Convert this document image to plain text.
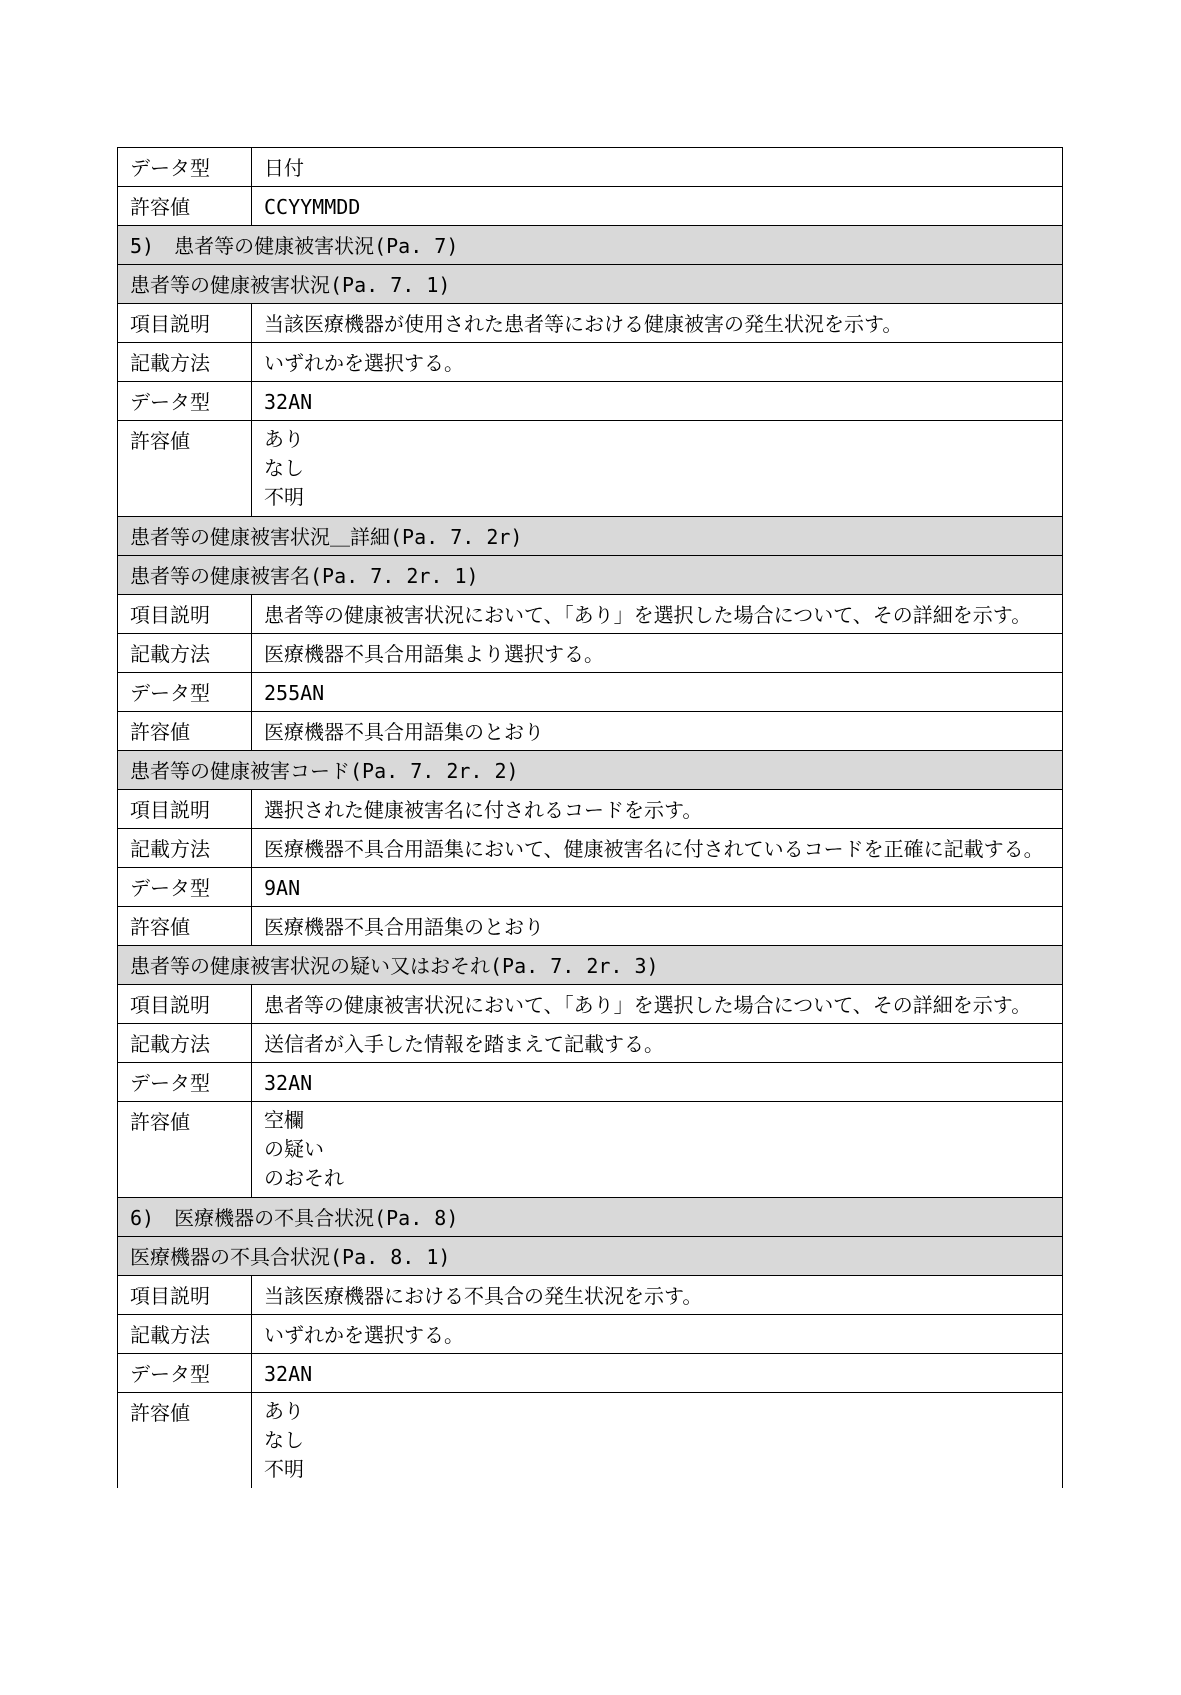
データ型	日付

許容値	CCYYMMDD

5)　患者等の健康被害状況(Pa. 7)	
患者等の健康被害状況(Pa. 7. 1)	
項目説明	当該医療機器が使用された患者等における健康被害の発生状況を示す。

記載方法	いずれかを選択する。

データ型	32AN

許容値	あり
なし
不明

患者等の健康被害状況＿詳細(Pa. 7. 2r)	
患者等の健康被害名(Pa. 7. 2r. 1)	
項目説明	患者等の健康被害状況において、「あり」を選択した場合について、その詳細を示す。

記載方法	医療機器不具合用語集より選択する。

データ型	255AN

許容値	医療機器不具合用語集のとおり

患者等の健康被害コード(Pa. 7. 2r. 2)	
項目説明	選択された健康被害名に付されるコードを示す。

記載方法	医療機器不具合用語集において、健康被害名に付されているコードを正確に記載する。

データ型	9AN

許容値	医療機器不具合用語集のとおり

患者等の健康被害状況の疑い又はおそれ(Pa. 7. 2r. 3)	
項目説明	患者等の健康被害状況において、「あり」を選択した場合について、その詳細を示す。

記載方法	送信者が入手した情報を踏まえて記載する。

データ型	32AN

許容値	空欄
の疑い
のおそれ

6)　医療機器の不具合状況(Pa. 8)	
医療機器の不具合状況(Pa. 8. 1)	
項目説明	当該医療機器における不具合の発生状況を示す。

記載方法	いずれかを選択する。

データ型	32AN

許容値	あり
なし
不明
